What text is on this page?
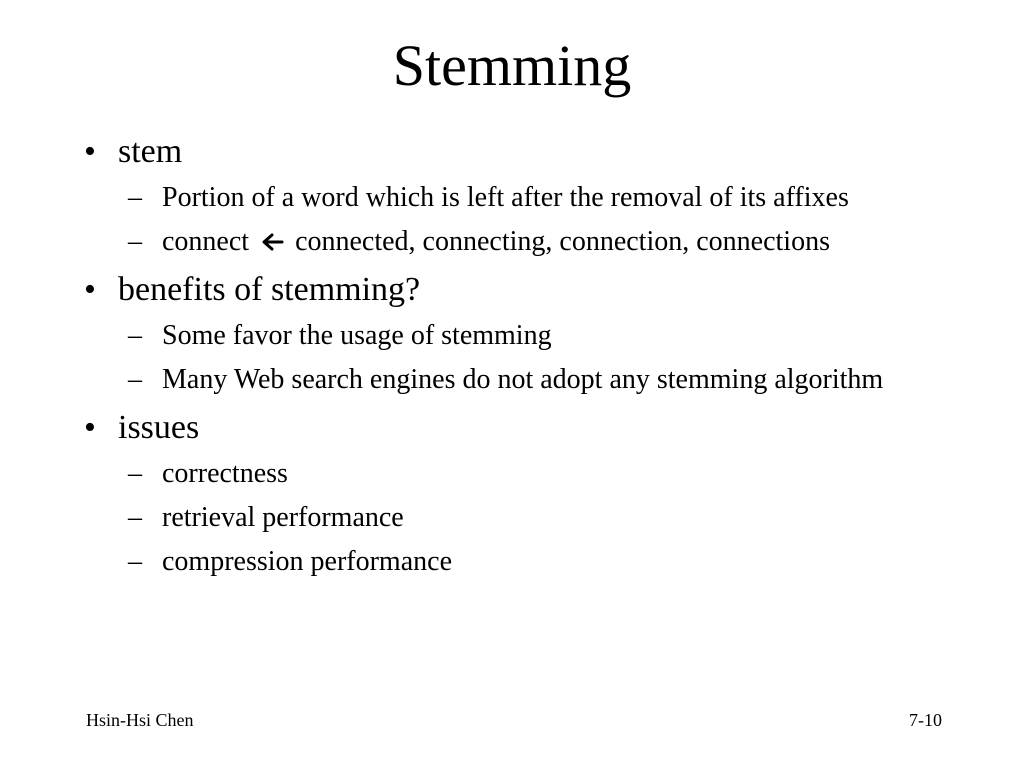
Stemming
• stem
– Portion of a word which is left after the removal of its affixes
– connect connected, connecting, connection, connections
• benefits of stemming?
– Some favor the usage of stemming
– Many Web search engines do not adopt any stemming algorithm
• issues
– correctness
– retrieval performance
– compression performance
Hsin-Hsi Chen	7-10
